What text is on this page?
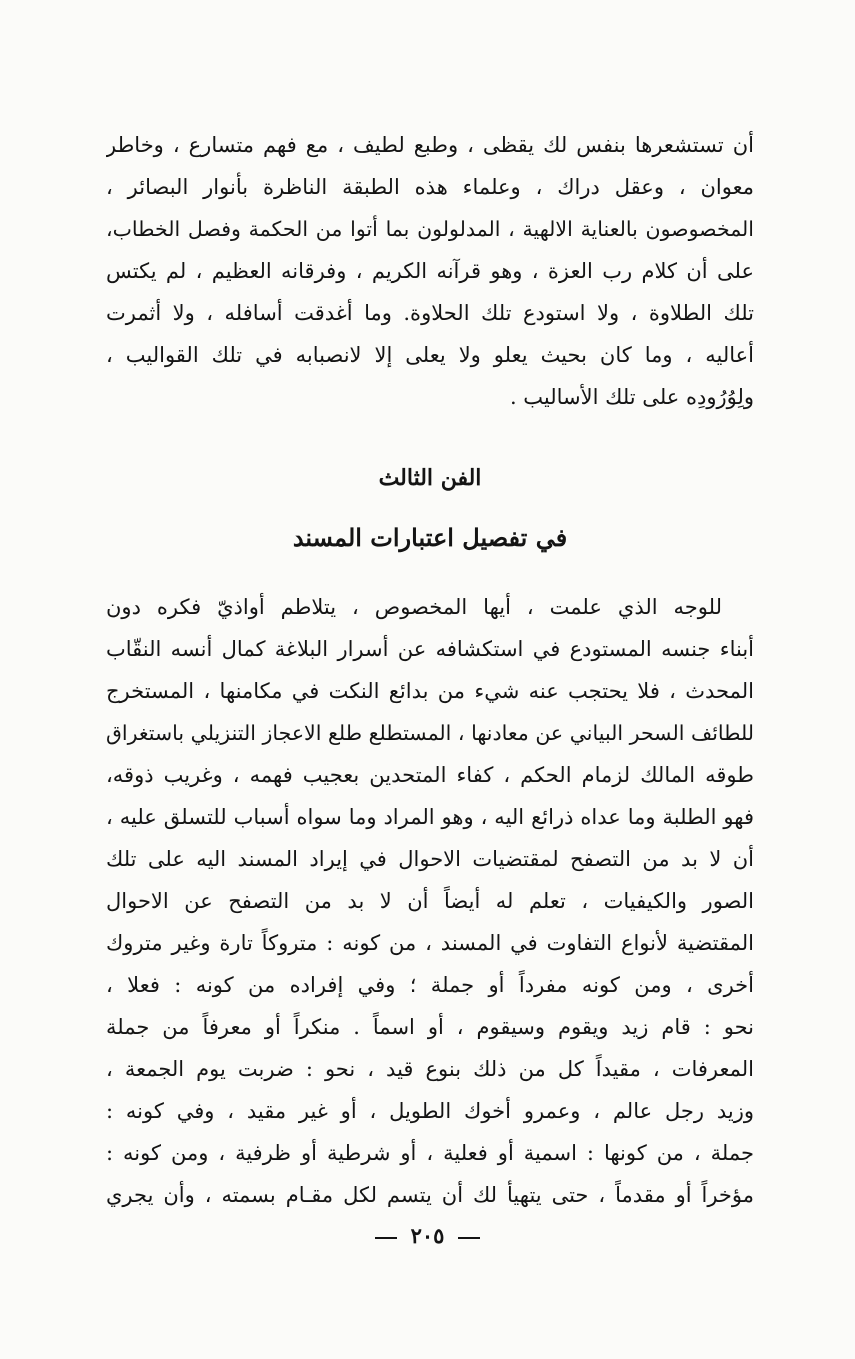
أن تستشعرها بنفس لك يقظى ، وطبع لطيف ، مع فهم متسارع ، وخاطر
معوان ، وعقل دراك ، وعلماء هذه الطبقة الناظرة بأنوار البصائر ،
المخصوصون بالعناية الالهية ، المدلولون بما أتوا من الحكمة وفصل الخطاب،
على أن كلام رب العزة ، وهو قرآنه الكريم ، وفرقانه العظيم ، لم يكتس
تلك الطلاوة ، ولا استودع تلك الحلاوة. وما أغدقت أسافله ، ولا أثمرت
أعاليه ، وما كان بحيث يعلو ولا يعلى إلا لانصبابه في تلك القواليب ،
ولِوُرُودِه على تلك الأساليب .
الفن الثالث
في تفصيل اعتبارات المسند
للوجه الذي علمت ، أيها المخصوص ، يتلاطم أواذيّ فكره دون
أبناء جنسه المستودع في استكشافه عن أسرار البلاغة كمال أنسه النقّاب
المحدث ، فلا يحتجب عنه شيء من بدائع النكت في مكامنها ، المستخرج
للطائف السحر البياني عن معادنها ، المستطلع طلع الاعجاز التنزيلي باستغراق
طوقه المالك لزمام الحكم ، كفاء المتحدين بعجيب فهمه ، وغريب ذوقه،
فهو الطلبة وما عداه ذرائع اليه ، وهو المراد وما سواه أسباب للتسلق عليه ،
أن لا بد من التصفح لمقتضيات الاحوال في إيراد المسند اليه على تلك
الصور والكيفيات ، تعلم له أيضاً أن لا بد من التصفح عن الاحوال
المقتضية لأنواع التفاوت في المسند ، من كونه : متروكاً تارة وغير متروك
أخرى ، ومن كونه مفرداً أو جملة ؛ وفي إفراده من كونه : فعلا ،
نحو : قام زيد ويقوم وسيقوم ، أو اسماً . منكراً أو معرفاً من جملة
المعرفات ، مقيداً كل من ذلك بنوع قيد ، نحو : ضربت يوم الجمعة ،
وزيد رجل عالم ، وعمرو أخوك الطويل ، أو غير مقيد ، وفي كونه :
جملة ، من كونها : اسمية أو فعلية ، أو شرطية أو ظرفية ، ومن كونه :
مؤخراً أو مقدماً ، حتى يتهيأ لك أن يتسم لكل مقـام بسمته ، وأن يجري
٢٠٥
